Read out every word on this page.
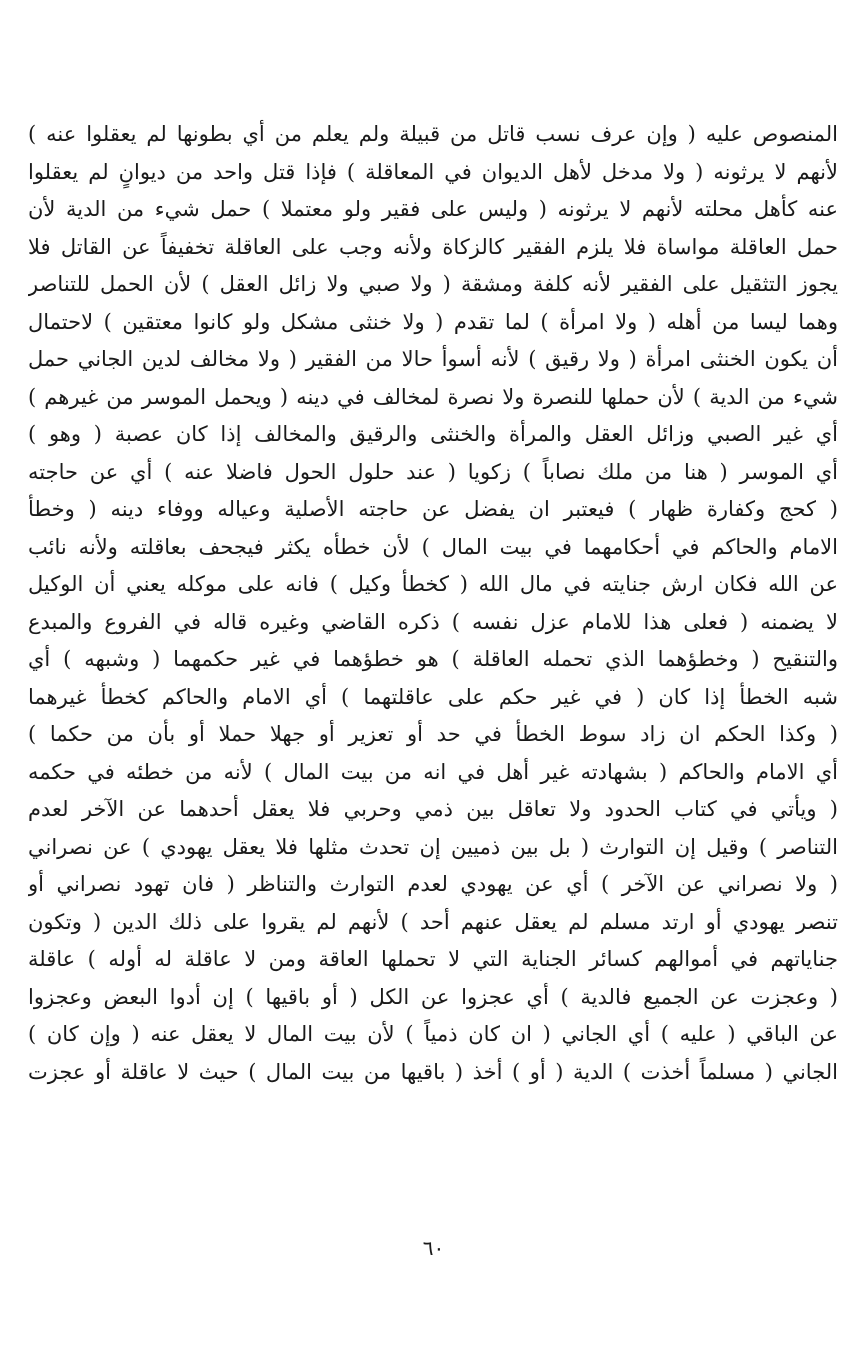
المنصوص عليه ( وإن عرف نسب قاتل من قبيلة ولم يعلم من أي بطونها لم يعقلوا عنه )
لأنهم لا يرثونه ( ولا مدخل لأهل الديوان في المعاقلة ) فإذا قتل واحد من ديوانٍ لم يعقلوا
عنه كأهل محلته لأنهم لا يرثونه ( وليس على فقير ولو معتملا ) حمل شيء من الدية لأن
حمل العاقلة مواساة فلا يلزم الفقير كالزكاة ولأنه وجب على العاقلة تخفيفاً عن القاتل فلا
يجوز التثقيل على الفقير لأنه كلفة ومشقة ( ولا صبي ولا زائل العقل ) لأن الحمل للتناصر
وهما ليسا من أهله ( ولا امرأة ) لما تقدم ( ولا خنثى مشكل ولو كانوا معتقين ) لاحتمال
أن يكون الخنثى امرأة ( ولا رقيق ) لأنه أسوأ حالا من الفقير ( ولا مخالف لدين الجاني حمل
شيء من الدية ) لأن حملها للنصرة ولا نصرة لمخالف في دينه ( ويحمل الموسر من غيرهم )
أي غير الصبي وزائل العقل والمرأة والخنثى والرقيق والمخالف إذا كان عصبة ( وهو )
أي الموسر ( هنا من ملك نصاباً ) زكويا ( عند حلول الحول فاضلا عنه ) أي عن حاجته
( كحج وكفارة ظهار ) فيعتبر ان يفضل عن حاجته الأصلية وعياله ووفاء دينه ( وخطأ
الامام والحاكم في أحكامهما في بيت المال ) لأن خطأه يكثر فيجحف بعاقلته ولأنه نائب
عن الله فكان ارش جنايته في مال الله ( كخطأ وكيل ) فانه على موكله يعني أن الوكيل
لا يضمنه ( فعلى هذا للامام عزل نفسه ) ذكره القاضي وغيره قاله في الفروع والمبدع
والتنقيح ( وخطؤهما الذي تحمله العاقلة ) هو خطؤهما في غير حكمهما ( وشبهه ) أي
شبه الخطأ إذا كان ( في غير حكم على عاقلتهما ) أي الامام والحاكم كخطأ غيرهما
( وكذا الحكم ان زاد سوط الخطأ في حد أو تعزير أو جهلا حملا أو بأن من حكما )
أي الامام والحاكم ( بشهادته غير أهل في انه من بيت المال ) لأنه من خطئه في حكمه
( ويأتي في كتاب الحدود ولا تعاقل بين ذمي وحربي فلا يعقل أحدهما عن الآخر لعدم
التناصر ) وقيل إن التوارث ( بل بين ذميين إن تحدث مثلها فلا يعقل يهودي ) عن نصراني
( ولا نصراني عن الآخر ) أي عن يهودي لعدم التوارث والتناظر ( فان تهود نصراني أو
تنصر يهودي أو ارتد مسلم لم يعقل عنهم أحد ) لأنهم لم يقروا على ذلك الدين ( وتكون
جناياتهم في أموالهم كسائر الجناية التي لا تحملها العاقة ومن لا عاقلة له أوله ) عاقلة
( وعجزت عن الجميع فالدية ) أي عجزوا عن الكل ( أو باقيها ) إن أدوا البعض وعجزوا
عن الباقي ( عليه ) أي الجاني ( ان كان ذمياً ) لأن بيت المال لا يعقل عنه ( وإن كان )
الجاني ( مسلماً أخذت ) الدية ( أو ) أخذ ( باقيها من بيت المال ) حيث لا عاقلة أو عجزت
٦٠
